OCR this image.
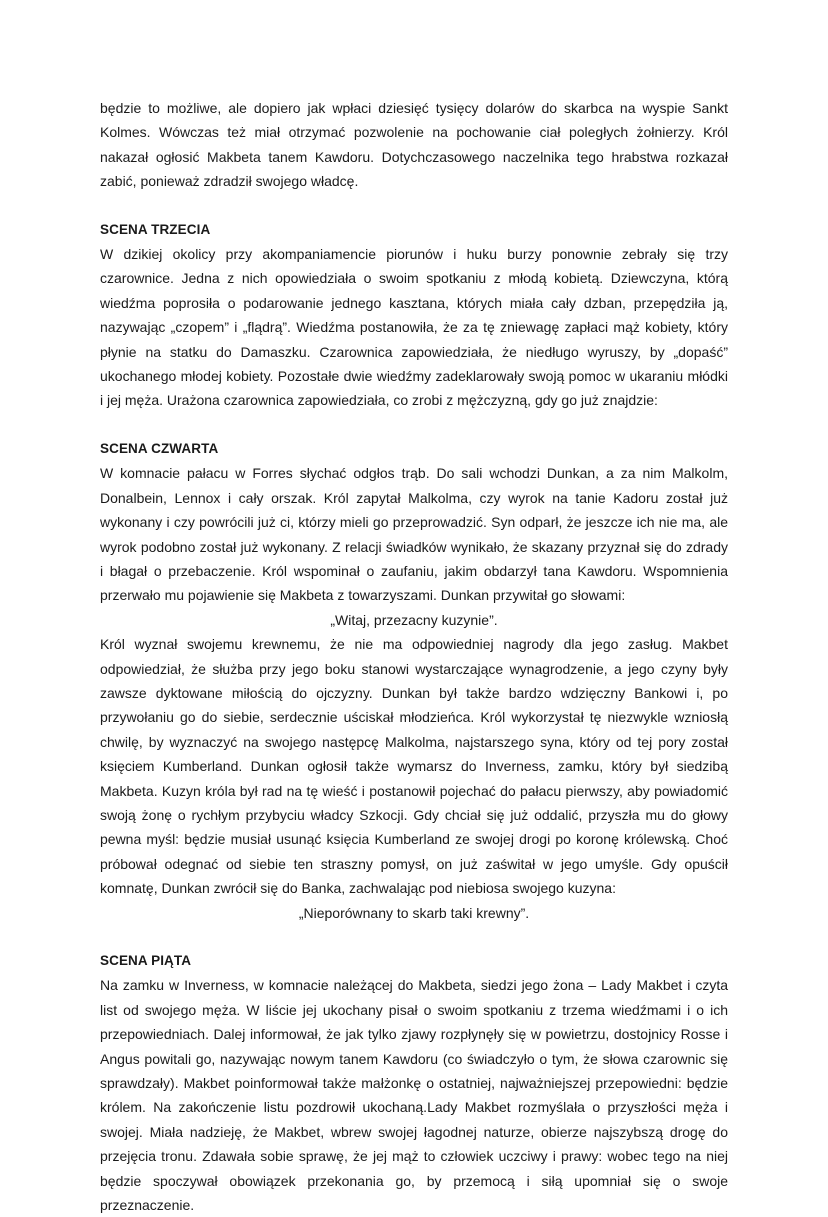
będzie to możliwe, ale dopiero jak wpłaci dziesięć tysięcy dolarów do skarbca na wyspie Sankt Kolmes. Wówczas też miał otrzymać pozwolenie na pochowanie ciał poległych żołnierzy. Król nakazał ogłosić Makbeta tanem Kawdoru. Dotychczasowego naczelnika tego hrabstwa rozkazał zabić, ponieważ zdradził swojego władcę.

SCENA TRZECIA

W dzikiej okolicy przy akompaniamencie piorunów i huku burzy ponownie zebrały się trzy czarownice. Jedna z nich opowiedziała o swoim spotkaniu z młodą kobietą. Dziewczyna, którą wiedźma poprosiła o podarowanie jednego kasztana, których miała cały dzban, przepędziła ją, nazywając „czopem” i „flądrą”. Wiedźma postanowiła, że za tę zniewagę zapłaci mąż kobiety, który płynie na statku do Damaszku. Czarownica zapowiedziała, że niedługo wyruszy, by „dopaść” ukochanego młodej kobiety. Pozostałe dwie wiedźmy zadeklarowały swoją pomoc w ukaraniu młódki i jej męża. Urażona czarownica zapowiedziała, co zrobi z mężczyzną, gdy go już znajdzie:

SCENA CZWARTA

W komnacie pałacu w Forres słychać odgłos trąb. Do sali wchodzi Dunkan, a za nim Malkolm, Donalbein, Lennox i cały orszak. Król zapytał Malkolma, czy wyrok na tanie Kadoru został już wykonany i czy powrócili już ci, którzy mieli go przeprowadzić. Syn odparł, że jeszcze ich nie ma, ale wyrok podobno został już wykonany. Z relacji świadków wynikało, że skazany przyznał się do zdrady i błagał o przebaczenie. Król wspominał o zaufaniu, jakim obdarzył tana Kawdoru. Wspomnienia przerwało mu pojawienie się Makbeta z towarzyszami. Dunkan przywitał go słowami:

„Witaj, przezacny kuzynie”.

Król wyznał swojemu krewnemu, że nie ma odpowiedniej nagrody dla jego zasług. Makbet odpowiedział, że służba przy jego boku stanowi wystarczające wynagrodzenie, a jego czyny były zawsze dyktowane miłością do ojczyzny. Dunkan był także bardzo wdzięczny Bankowi i, po przywołaniu go do siebie, serdecznie uściskał młodzieńca. Król wykorzystał tę niezwykle wzniosłą chwilę, by wyznaczyć na swojego następcę Malkolma, najstarszego syna, który od tej pory został księciem Kumberland. Dunkan ogłosił także wymarsz do Inverness, zamku, który był siedzibą Makbeta. Kuzyn króla był rad na tę wieść i postanowił pojechać do pałacu pierwszy, aby powiadomić swoją żonę o rychłym przybyciu władcy Szkocji. Gdy chciał się już oddalić, przyszła mu do głowy pewna myśl: będzie musiał usunąć księcia Kumberland ze swojej drogi po koronę królewską. Choć próbował odegnać od siebie ten straszny pomysł, on już zaświtał w jego umyśle. Gdy opuścił komnatę, Dunkan zwrócił się do Banka, zachwalając pod niebiosa swojego kuzyna:

„Nieporównany to skarb taki krewny”.

SCENA PIĄTA

Na zamku w Inverness, w komnacie należącej do Makbeta, siedzi jego żona – Lady Makbet i czyta list od swojego męża. W liście jej ukochany pisał o swoim spotkaniu z trzema wiedźmami i o ich przepowiedniach. Dalej informował, że jak tylko zjawy rozpłynęły się w powietrzu, dostojnicy Rosse i Angus powitali go, nazywając nowym tanem Kawdoru (co świadczyło o tym, że słowa czarownic się sprawdzały). Makbet poinformował także małżonkę o ostatniej, najważniejszej przepowiedni: będzie królem. Na zakończenie listu pozdrowił ukochaną.Lady Makbet rozmyślała o przyszłości męża i swojej. Miała nadzieję, że Makbet, wbrew swojej łagodnej naturze, obierze najszybszą drogę do przejęcia tronu. Zdawała sobie sprawę, że jej mąż to człowiek uczciwy i prawy: wobec tego na niej będzie spoczywał obowiązek przekonania go, by przemocą i siłą upomniał się o swoje przeznaczenie.
